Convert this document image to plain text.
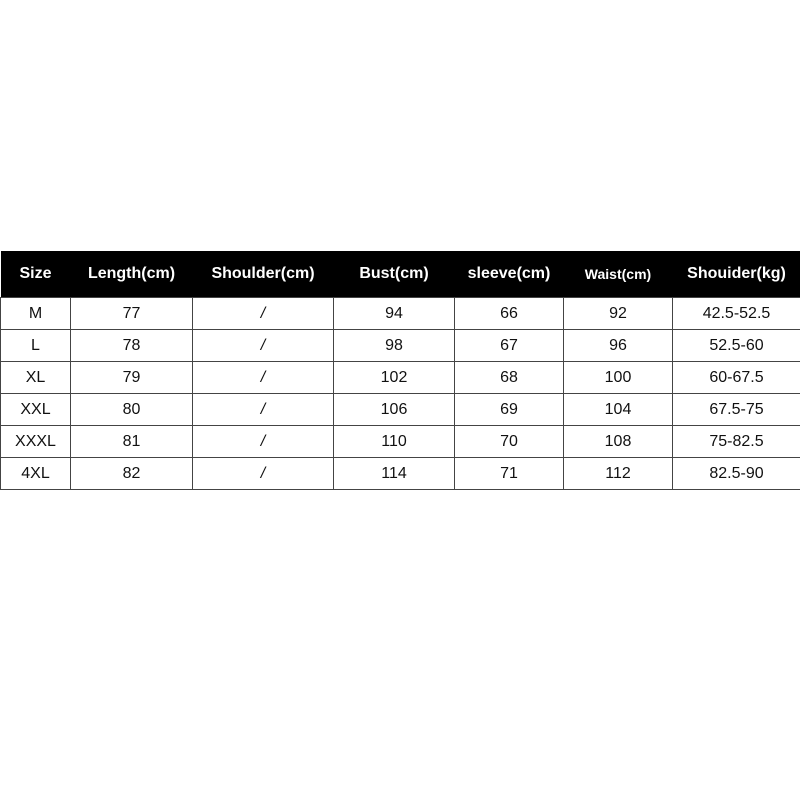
Size	Length(cm)	Shoulder(cm)	Bust(cm)	sleeve(cm)	Waist(cm)	Shouider(kg)
M	77	/	94	66	92	42.5-52.5
L	78	/	98	67	96	52.5-60
XL	79	/	102	68	100	60-67.5
XXL	80	/	106	69	104	67.5-75
XXXL	81	/	110	70	108	75-82.5
4XL	82	/	114	71	112	82.5-90
